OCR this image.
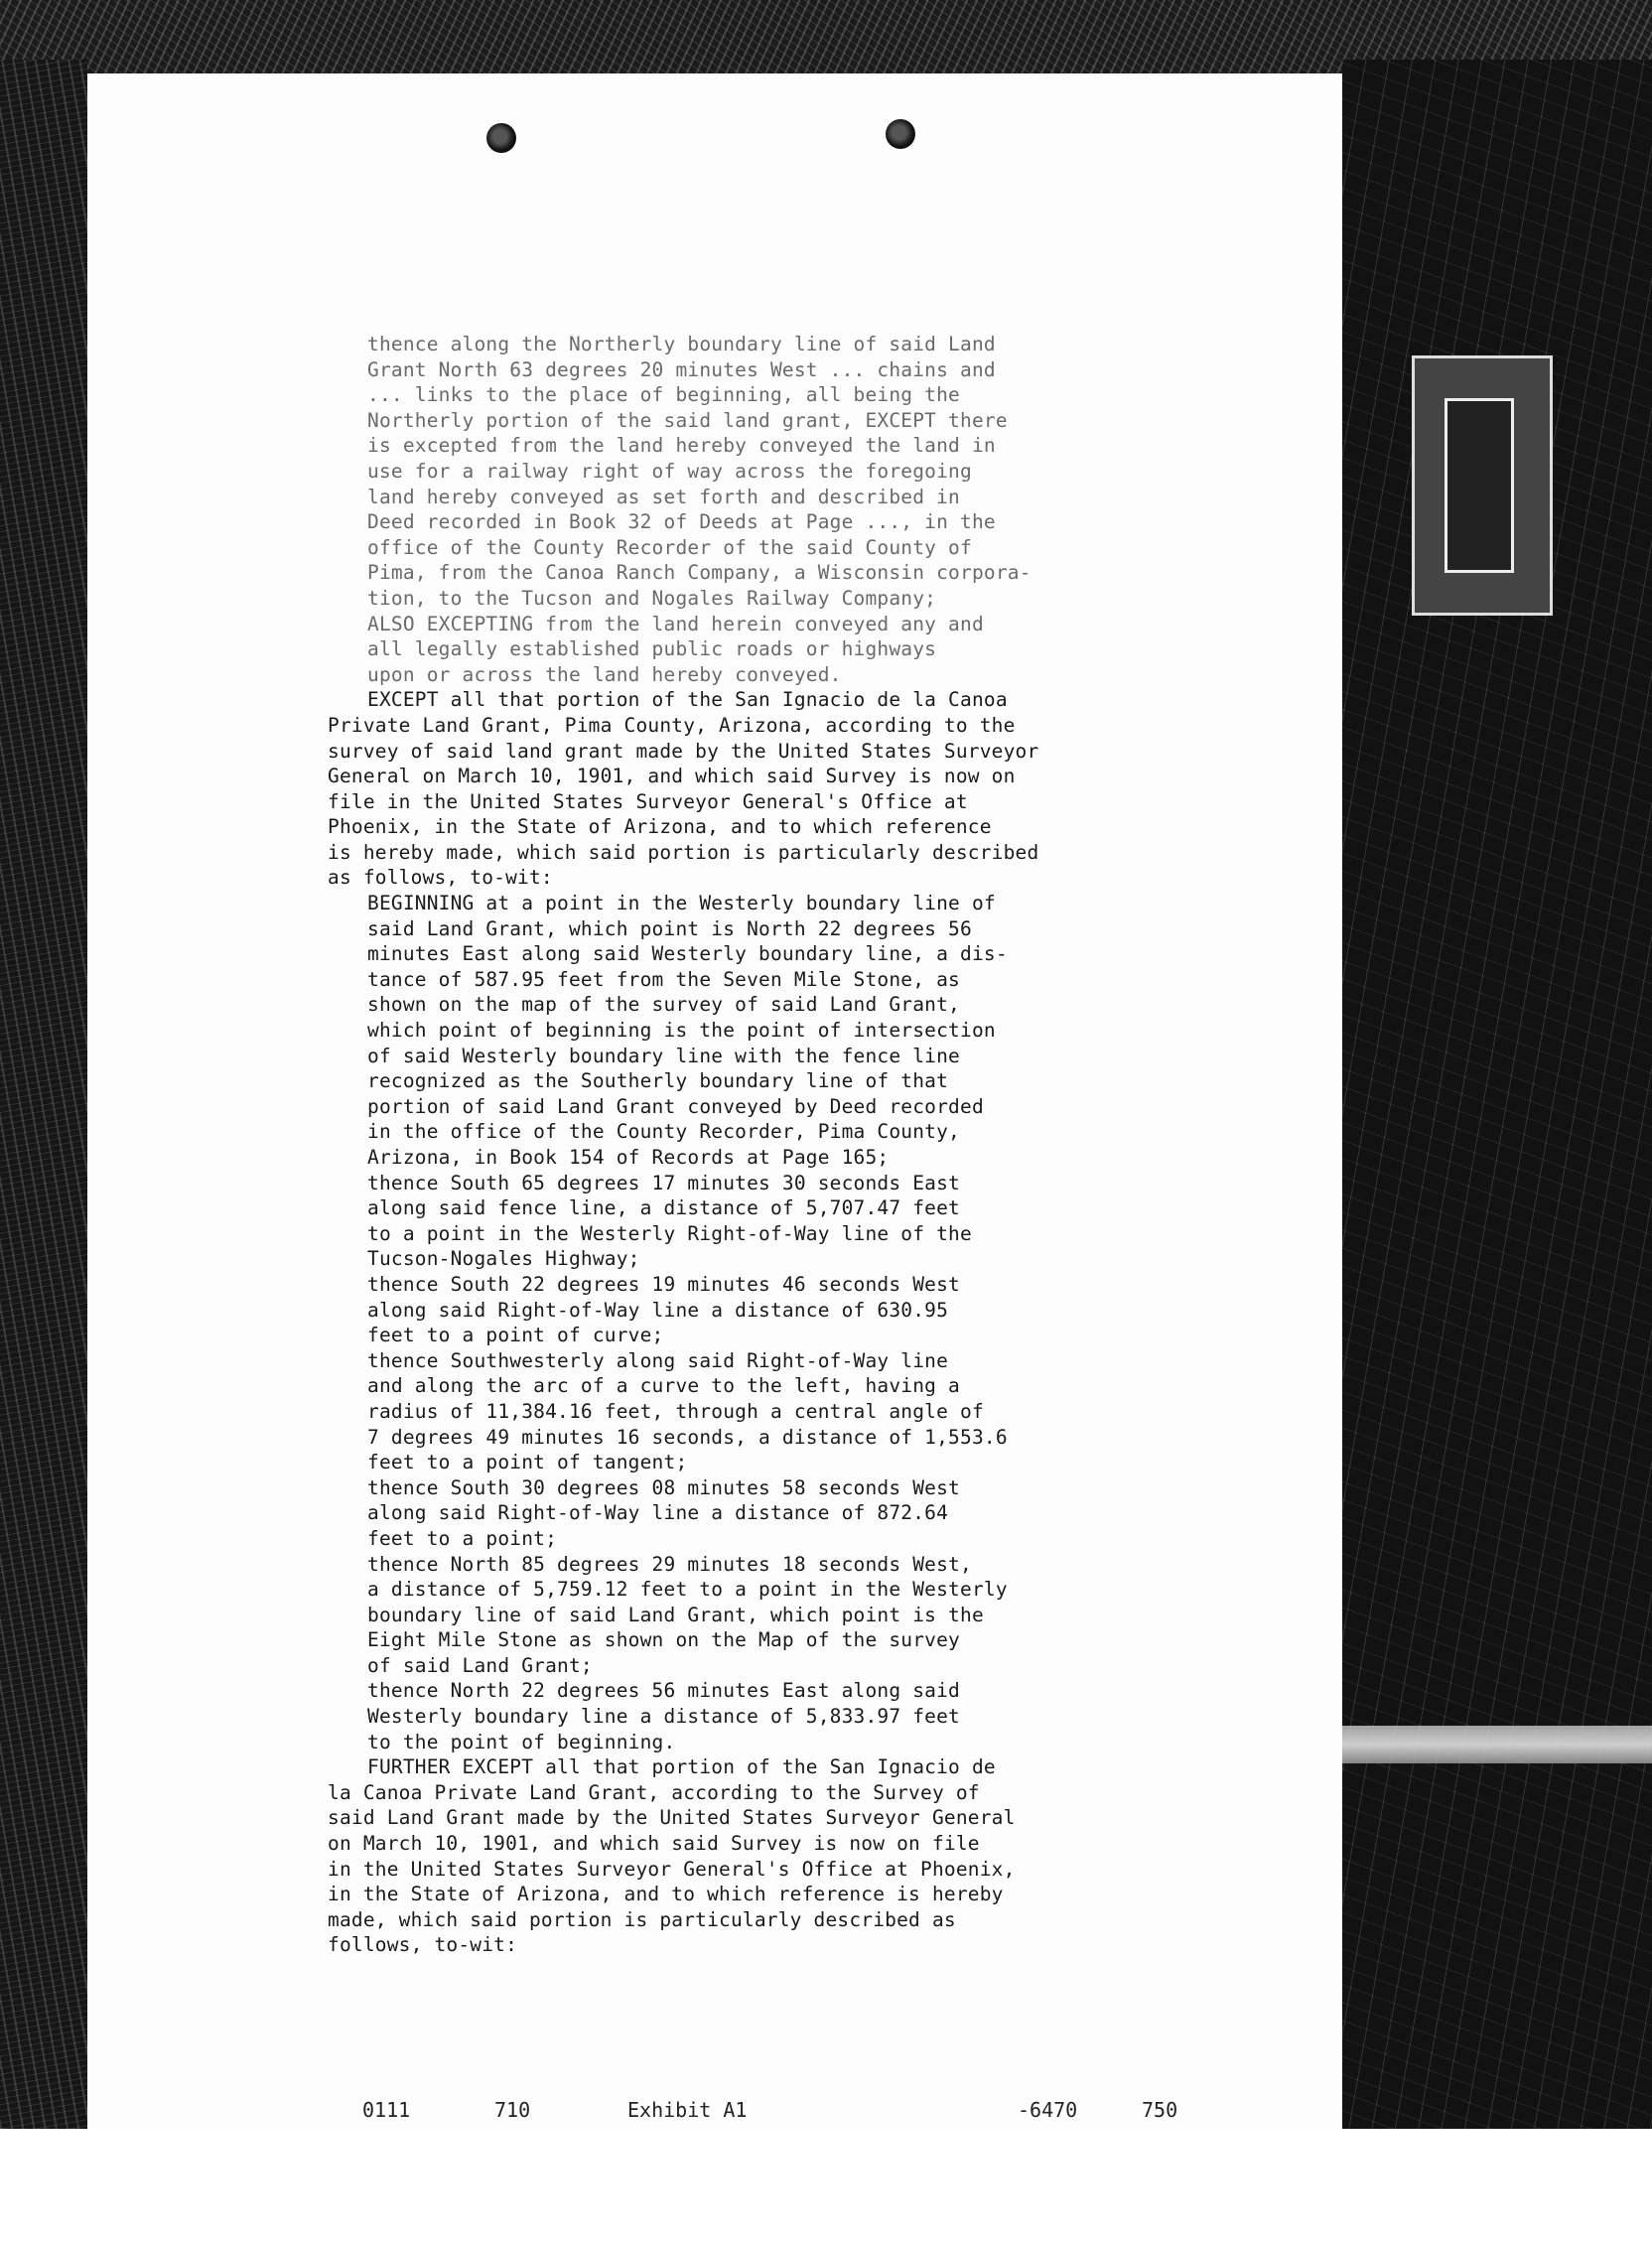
thence along the Northerly boundary line of said Land
Grant North 63 degrees 20 minutes West ... chains and
... links to the place of beginning, all being the
Northerly portion of the said land grant, EXCEPT there
is excepted from the land hereby conveyed the land in
use for a railway right of way across the foregoing
land hereby conveyed as set forth and described in
Deed recorded in Book 32 of Deeds at Page ..., in the
office of the County Recorder of the said County of
Pima, from the Canoa Ranch Company, a Wisconsin corpora-
tion, to the Tucson and Nogales Railway Company;
ALSO EXCEPTING from the land herein conveyed any and
all legally established public roads or highways
upon or across the land hereby conveyed.
EXCEPT all that portion of the San Ignacio de la Canoa
Private Land Grant, Pima County, Arizona, according to the
survey of said land grant made by the United States Surveyor
General on March 10, 1901, and which said Survey is now on
file in the United States Surveyor General's Office at
Phoenix, in the State of Arizona, and to which reference
is hereby made, which said portion is particularly described
as follows, to-wit:
BEGINNING at a point in the Westerly boundary line of
said Land Grant, which point is North 22 degrees 56
minutes East along said Westerly boundary line, a dis-
tance of 587.95 feet from the Seven Mile Stone, as
shown on the map of the survey of said Land Grant,
which point of beginning is the point of intersection
of said Westerly boundary line with the fence line
recognized as the Southerly boundary line of that
portion of said Land Grant conveyed by Deed recorded
in the office of the County Recorder, Pima County,
Arizona, in Book 154 of Records at Page 165;
thence South 65 degrees 17 minutes 30 seconds East
along said fence line, a distance of 5,707.47 feet
to a point in the Westerly Right-of-Way line of the
Tucson-Nogales Highway;
thence South 22 degrees 19 minutes 46 seconds West
along said Right-of-Way line a distance of 630.95
feet to a point of curve;
thence Southwesterly along said Right-of-Way line
and along the arc of a curve to the left, having a
radius of 11,384.16 feet, through a central angle of
7 degrees 49 minutes 16 seconds, a distance of 1,553.6
feet to a point of tangent;
thence South 30 degrees 08 minutes 58 seconds West
along said Right-of-Way line a distance of 872.64
feet to a point;
thence North 85 degrees 29 minutes 18 seconds West,
a distance of 5,759.12 feet to a point in the Westerly
boundary line of said Land Grant, which point is the
Eight Mile Stone as shown on the Map of the survey
of said Land Grant;
thence North 22 degrees 56 minutes East along said
Westerly boundary line a distance of 5,833.97 feet
to the point of beginning.
FURTHER EXCEPT all that portion of the San Ignacio de
la Canoa Private Land Grant, according to the Survey of
said Land Grant made by the United States Surveyor General
on March 10, 1901, and which said Survey is now on file
in the United States Surveyor General's Office at Phoenix,
in the State of Arizona, and to which reference is hereby
made, which said portion is particularly described as
follows, to-wit:

0111

	710

	Exhibit A1

	-6470

	750
